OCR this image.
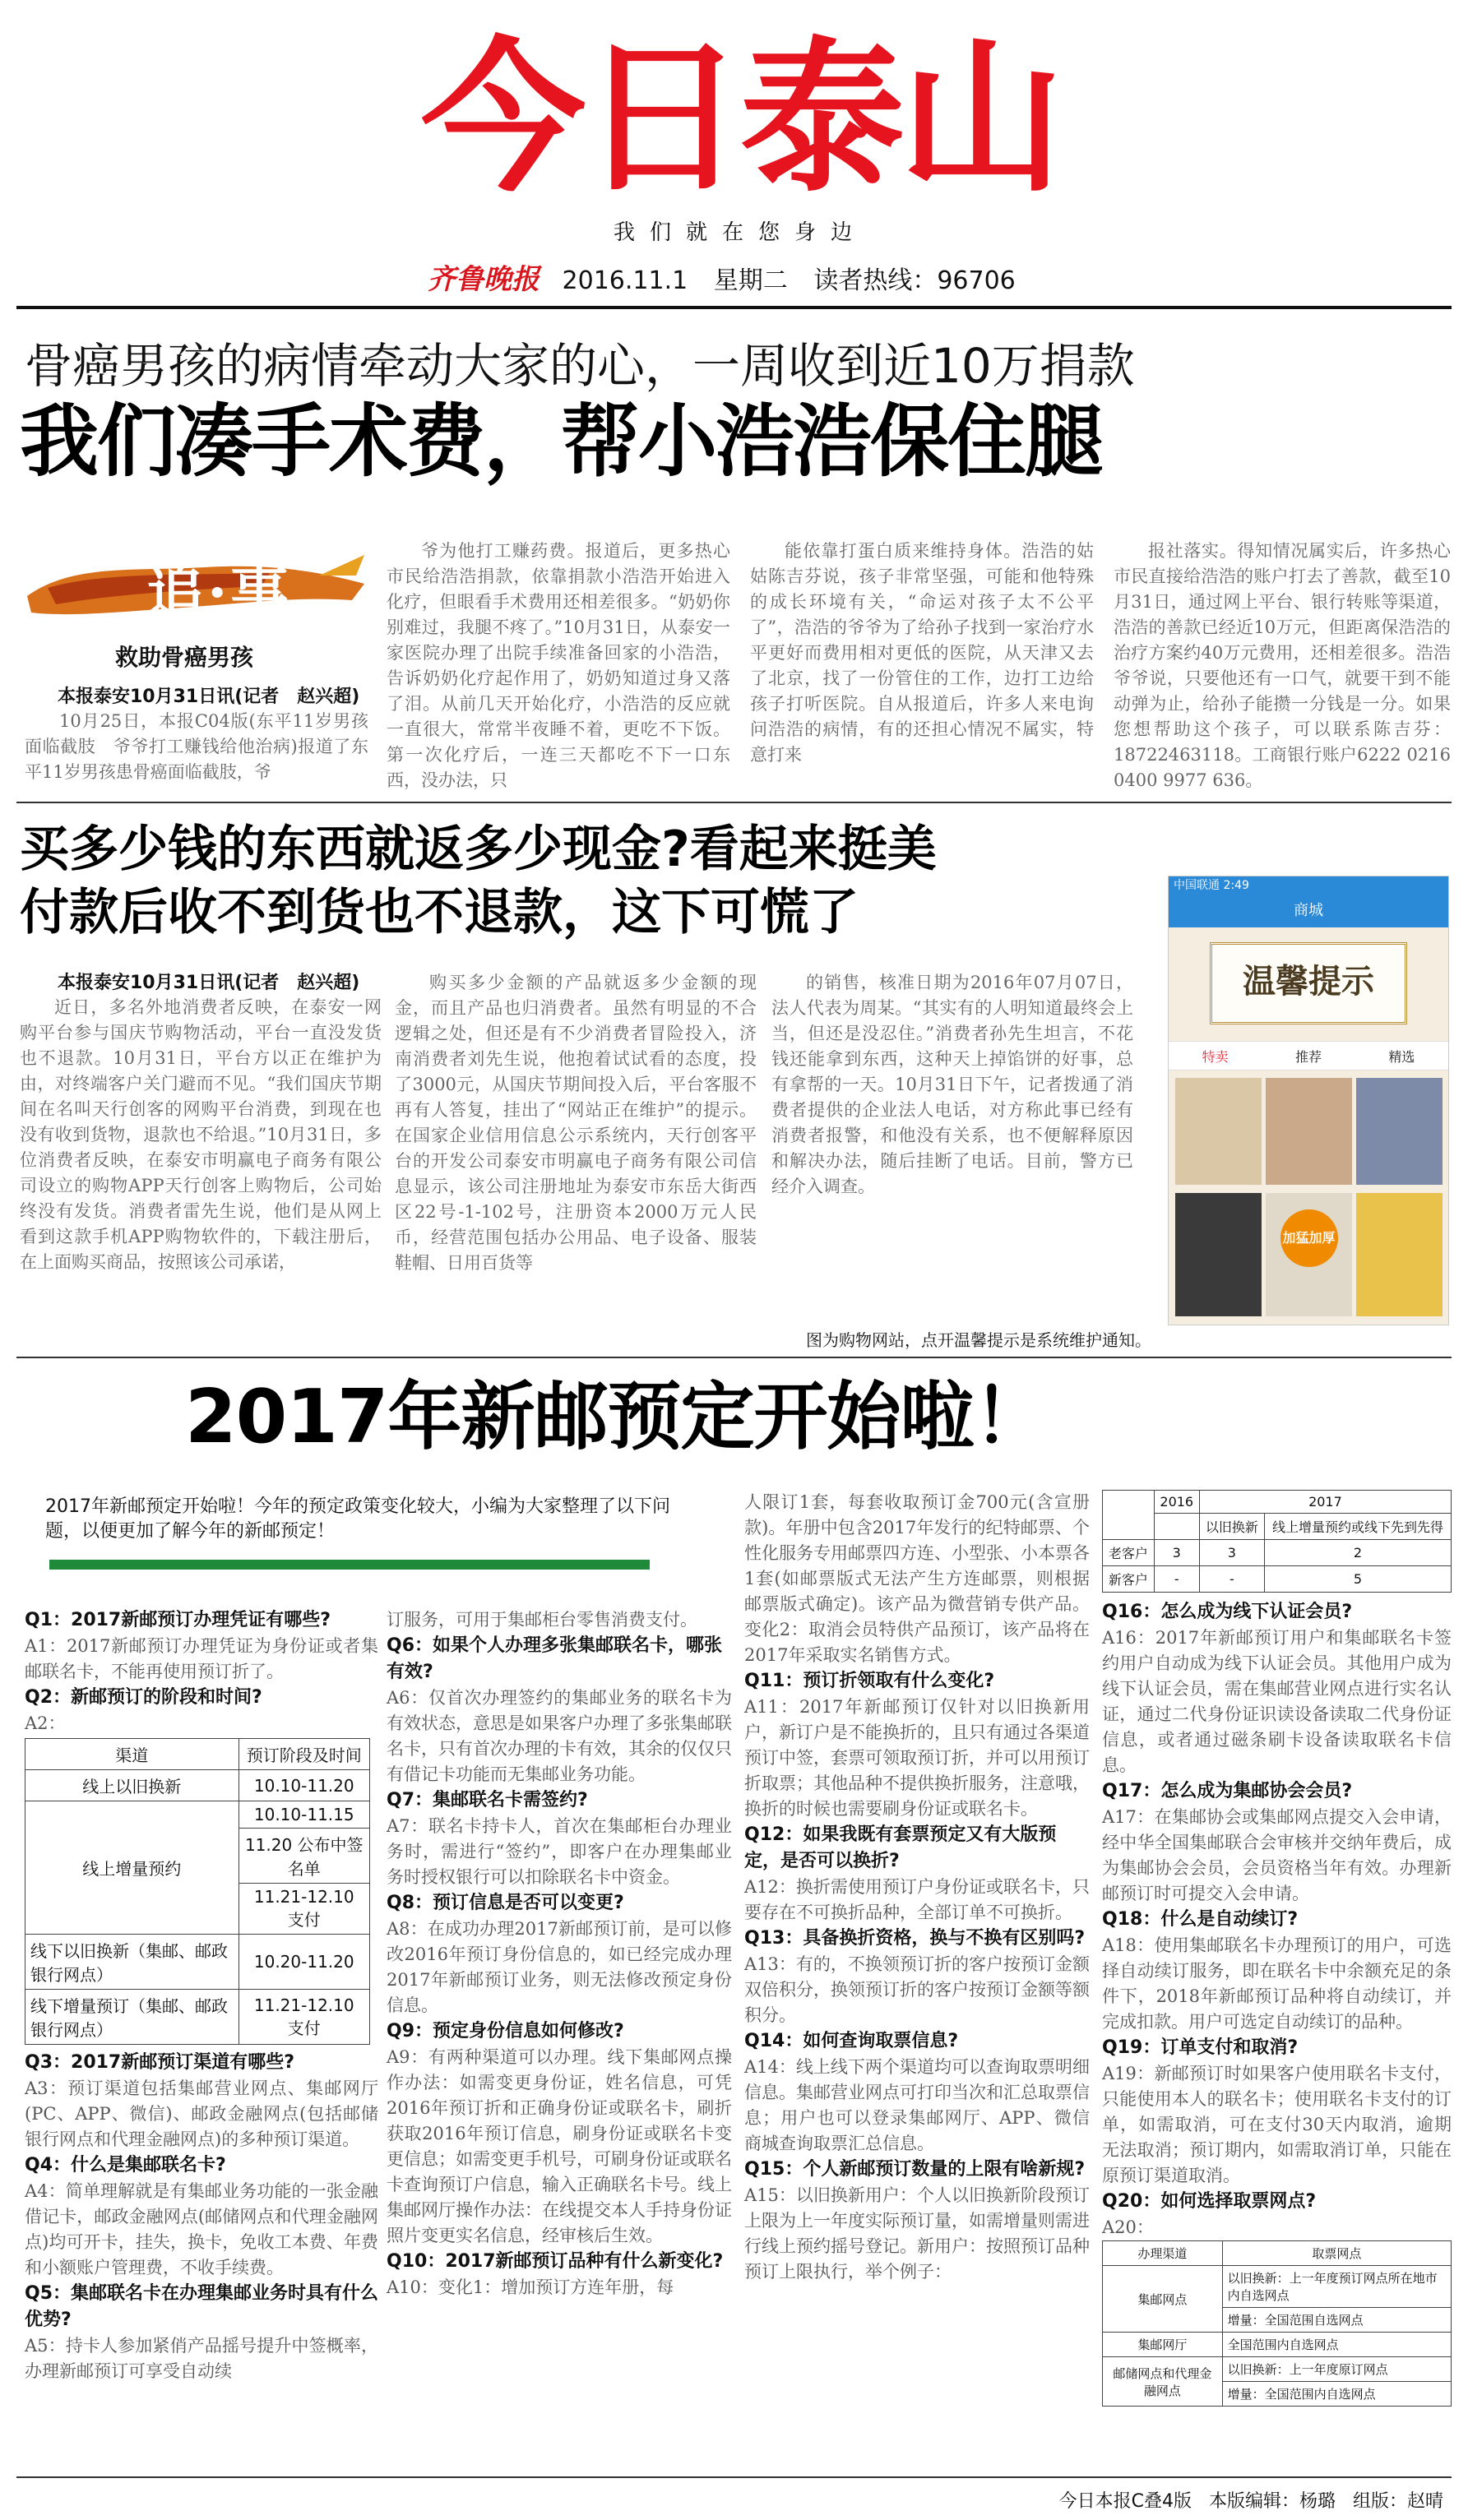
今日泰山
我们就在您身边
齐鲁晚报 2016.11.1 星期二 读者热线：96706
骨癌男孩的病情牵动大家的心，一周收到近10万捐款
我们凑手术费，帮小浩浩保住腿
追·事
救助骨癌男孩
本报泰安10月31日讯(记者　赵兴超)

10月25日，本报C04版(东平11岁男孩面临截肢　爷爷打工赚钱给他治病)报道了东平11岁男孩患骨癌面临截肢，爷

爷为他打工赚药费。报道后，更多热心市民给浩浩捐款，依靠捐款小浩浩开始进入化疗，但眼看手术费用还相差很多。“奶奶你别难过，我腿不疼了。”10月31日，从泰安一家医院办理了出院手续准备回家的小浩浩，告诉奶奶化疗起作用了，奶奶知道过身又落了泪。从前几天开始化疗，小浩浩的反应就一直很大，常常半夜睡不着，更吃不下饭。第一次化疗后，一连三天都吃不下一口东西，没办法，只

能依靠打蛋白质来维持身体。浩浩的姑姑陈吉芬说，孩子非常坚强，可能和他特殊的成长环境有关，“命运对孩子太不公平了”，浩浩的爷爷为了给孙子找到一家治疗水平更好而费用相对更低的医院，从天津又去了北京，找了一份管住的工作，边打工边给孩子打听医院。自从报道后，许多人来电询问浩浩的病情，有的还担心情况不属实，特意打来

报社落实。得知情况属实后，许多热心市民直接给浩浩的账户打去了善款，截至10月31日，通过网上平台、银行转账等渠道，浩浩的善款已经近10万元，但距离保浩浩的治疗方案约40万元费用，还相差很多。浩浩爷爷说，只要他还有一口气，就要干到不能动弹为止，给孙子能攒一分钱是一分。如果您想帮助这个孩子，可以联系陈吉芬：18722463118。工商银行账户6222 0216 0400 9977 636。

买多少钱的东西就返多少现金?看起来挺美
付款后收不到货也不退款，这下可慌了
本报泰安10月31日讯(记者　赵兴超)

近日，多名外地消费者反映，在泰安一网购平台参与国庆节购物活动，平台一直没发货也不退款。10月31日，平台方以正在维护为由，对终端客户关门避而不见。“我们国庆节期间在名叫天行创客的网购平台消费，到现在也没有收到货物，退款也不给退。”10月31日，多位消费者反映，在泰安市明赢电子商务有限公司设立的购物APP天行创客上购物后，公司始终没有发货。消费者雷先生说，他们是从网上看到这款手机APP购物软件的，下载注册后，在上面购买商品，按照该公司承诺，

购买多少金额的产品就返多少金额的现金，而且产品也归消费者。虽然有明显的不合逻辑之处，但还是有不少消费者冒险投入，济南消费者刘先生说，他抱着试试看的态度，投了3000元，从国庆节期间投入后，平台客服不再有人答复，挂出了“网站正在维护”的提示。在国家企业信用信息公示系统内，天行创客平台的开发公司泰安市明赢电子商务有限公司信息显示，该公司注册地址为泰安市东岳大街西区22号-1-102号，注册资本2000万元人民币，经营范围包括办公用品、电子设备、服装鞋帽、日用百货等

的销售，核准日期为2016年07月07日，法人代表为周某。“其实有的人明知道最终会上当，但还是没忍住。”消费者孙先生坦言，不花钱还能拿到东西，这种天上掉馅饼的好事，总有拿帮的一天。10月31日下午，记者拨通了消费者提供的企业法人电话，对方称此事已经有消费者报警，和他没有关系，也不便解释原因和解决办法，随后挂断了电话。目前，警方已经介入调查。

中国联通 2:49
商城
温馨提示
特卖	推荐	精选
加猛加厚
图为购物网站，点开温馨提示是系统维护通知。
2017年新邮预定开始啦！
2017年新邮预定开始啦！今年的预定政策变化较大，小编为大家整理了以下问题，以便更加了解今年的新邮预定！
Q1：2017新邮预订办理凭证有哪些?
A1：2017新邮预订办理凭证为身份证或者集邮联名卡，不能再使用预订折了。
Q2：新邮预订的阶段和时间?
A2：
渠道	预订阶段及时间
线上以旧换新	10.10-11.20
线上增量预约	10.10-11.15
	11.20 公布中签名单
	11.21-12.10 支付
线下以旧换新（集邮、邮政银行网点）	10.20-11.20
线下增量预订（集邮、邮政银行网点）	11.21-12.10 支付
Q3：2017新邮预订渠道有哪些?
A3：预订渠道包括集邮营业网点、集邮网厅(PC、APP、微信)、邮政金融网点(包括邮储银行网点和代理金融网点)的多种预订渠道。
Q4：什么是集邮联名卡?
A4：简单理解就是有集邮业务功能的一张金融借记卡，邮政金融网点(邮储网点和代理金融网点)均可开卡，挂失，换卡，免收工本费、年费和小额账户管理费，不收手续费。
Q5：集邮联名卡在办理集邮业务时具有什么优势?
A5：持卡人参加紧俏产品摇号提升中签概率，办理新邮预订可享受自动续
订服务，可用于集邮柜台零售消费支付。
Q6：如果个人办理多张集邮联名卡，哪张有效?
A6：仅首次办理签约的集邮业务的联名卡为有效状态，意思是如果客户办理了多张集邮联名卡，只有首次办理的卡有效，其余的仅仅只有借记卡功能而无集邮业务功能。
Q7：集邮联名卡需签约?
A7：联名卡持卡人，首次在集邮柜台办理业务时，需进行“签约”，即客户在办理集邮业务时授权银行可以扣除联名卡中资金。
Q8：预订信息是否可以变更?
A8：在成功办理2017新邮预订前，是可以修改2016年预订身份信息的，如已经完成办理2017年新邮预订业务，则无法修改预定身份信息。
Q9：预定身份信息如何修改?
A9：有两种渠道可以办理。线下集邮网点操作办法：如需变更身份证，姓名信息，可凭2016年预订折和正确身份证或联名卡，刷折获取2016年预订信息，刷身份证或联名卡变更信息；如需变更手机号，可刷身份证或联名卡查询预订户信息，输入正确联名卡号。线上集邮网厅操作办法：在线提交本人手持身份证照片变更实名信息，经审核后生效。
Q10：2017新邮预订品种有什么新变化?
A10：变化1：增加预订方连年册，每
人限订1套，每套收取预订金700元(含宣册款)。年册中包含2017年发行的纪特邮票、个性化服务专用邮票四方连、小型张、小本票各1套(如邮票版式无法产生方连邮票，则根据邮票版式确定)。该产品为微营销专供产品。变化2：取消会员特供产品预订，该产品将在2017年采取实名销售方式。
Q11：预订折领取有什么变化?
A11：2017年新邮预订仅针对以旧换新用户，新订户是不能换折的，且只有通过各渠道预订中签，套票可领取预订折，并可以用预订折取票；其他品种不提供换折服务，注意哦，换折的时候也需要刷身份证或联名卡。
Q12：如果我既有套票预定又有大版预定，是否可以换折?
A12：换折需使用预订户身份证或联名卡，只要存在不可换折品种，全部订单不可换折。
Q13：具备换折资格，换与不换有区别吗?
A13：有的，不换领预订折的客户按预订金额双倍积分，换领预订折的客户按预订金额等额积分。
Q14：如何查询取票信息?
A14：线上线下两个渠道均可以查询取票明细信息。集邮营业网点可打印当次和汇总取票信息；用户也可以登录集邮网厅、APP、微信商城查询取票汇总信息。
Q15：个人新邮预订数量的上限有啥新规?
A15：以旧换新用户：个人以旧换新阶段预订上限为上一年度实际预订量，如需增量则需进行线上预约摇号登记。新用户：按照预订品种预订上限执行，举个例子：
	2016	2017	
		以旧换新	线上增量预约或线下先到先得
老客户	3	3	2
新客户	-	-	5
Q16：怎么成为线下认证会员?
A16：2017年新邮预订用户和集邮联名卡签约用户自动成为线下认证会员。其他用户成为线下认证会员，需在集邮营业网点进行实名认证，通过二代身份证识读设备读取二代身份证信息，或者通过磁条刷卡设备读取联名卡信息。
Q17：怎么成为集邮协会会员?
A17：在集邮协会或集邮网点提交入会申请，经中华全国集邮联合会审核并交纳年费后，成为集邮协会会员，会员资格当年有效。办理新邮预订时可提交入会申请。
Q18：什么是自动续订?
A18：使用集邮联名卡办理预订的用户，可选择自动续订服务，即在联名卡中余额充足的条件下，2018年新邮预订品种将自动续订，并完成扣款。用户可选定自动续订的品种。
Q19：订单支付和取消?
A19：新邮预订时如果客户使用联名卡支付，只能使用本人的联名卡；使用联名卡支付的订单，如需取消，可在支付30天内取消，逾期无法取消；预订期内，如需取消订单，只能在原预订渠道取消。
Q20：如何选择取票网点?
A20：
办理渠道	取票网点
集邮网点	以旧换新：上一年度预订网点所在地市内自选网点
	增量：全国范围自选网点
集邮网厅	全国范围内自选网点
邮储网点和代理金融网点	以旧换新：上一年度原订网点
	增量：全国范围内自选网点
今日本报C叠4版 本版编辑：杨璐 组版：赵晴
